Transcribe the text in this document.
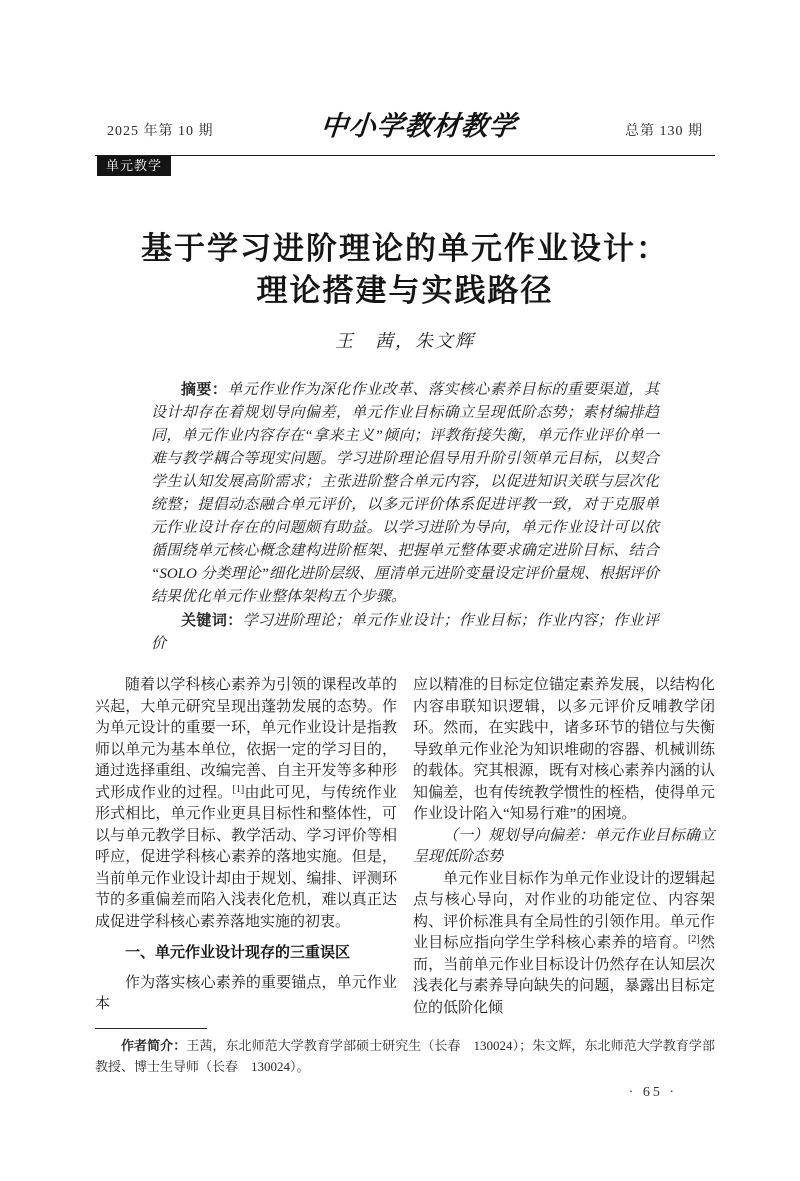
2025 年第 10 期	中小学教材教学	总第 130 期
单元教学
基于学习进阶理论的单元作业设计：
理论搭建与实践路径
王　茜，朱文辉

摘要：单元作业作为深化作业改革、落实核心素养目标的重要渠道，其设计却存在着规划导向偏差，单元作业目标确立呈现低阶态势；素材编排趋同，单元作业内容存在“拿来主义”倾向；评教衔接失衡，单元作业评价单一难与教学耦合等现实问题。学习进阶理论倡导用升阶引领单元目标，以契合学生认知发展高阶需求；主张进阶整合单元内容，以促进知识关联与层次化统整；提倡动态融合单元评价，以多元评价体系促进评教一致，对于克服单元作业设计存在的问题颇有助益。以学习进阶为导向，单元作业设计可以依循围绕单元核心概念建构进阶框架、把握单元整体要求确定进阶目标、结合“SOLO 分类理论”细化进阶层级、厘清单元进阶变量设定评价量规、根据评价结果优化单元作业整体架构五个步骤。

关键词：学习进阶理论；单元作业设计；作业目标；作业内容；作业评价

随着以学科核心素养为引领的课程改革的兴起，大单元研究呈现出蓬勃发展的态势。作为单元设计的重要一环，单元作业设计是指教师以单元为基本单位，依据一定的学习目的，通过选择重组、改编完善、自主开发等多种形式形成作业的过程。[1]由此可见，与传统作业形式相比，单元作业更具目标性和整体性，可以与单元教学目标、教学活动、学习评价等相呼应，促进学科核心素养的落地实施。但是，当前单元作业设计却由于规划、编排、评测环节的多重偏差而陷入浅表化危机，难以真正达成促进学科核心素养落地实施的初衷。

一、单元作业设计现存的三重误区

作为落实核心素养的重要锚点，单元作业本

应以精准的目标定位锚定素养发展，以结构化内容串联知识逻辑，以多元评价反哺教学闭环。然而，在实践中，诸多环节的错位与失衡导致单元作业沦为知识堆砌的容器、机械训练的载体。究其根源，既有对核心素养内涵的认知偏差，也有传统教学惯性的桎梏，使得单元作业设计陷入“知易行难”的困境。

（一）规划导向偏差：单元作业目标确立呈现低阶态势

单元作业目标作为单元作业设计的逻辑起点与核心导向，对作业的功能定位、内容架构、评价标准具有全局性的引领作用。单元作业目标应指向学生学科核心素养的培育。[2]然而，当前单元作业目标设计仍然存在认知层次浅表化与素养导向缺失的问题，暴露出目标定位的低阶化倾

作者简介：王茜，东北师范大学教育学部硕士研究生（长春　130024）；朱文辉，东北师范大学教育学部教授、博士生导师（长春　130024）。

· 65 ·
